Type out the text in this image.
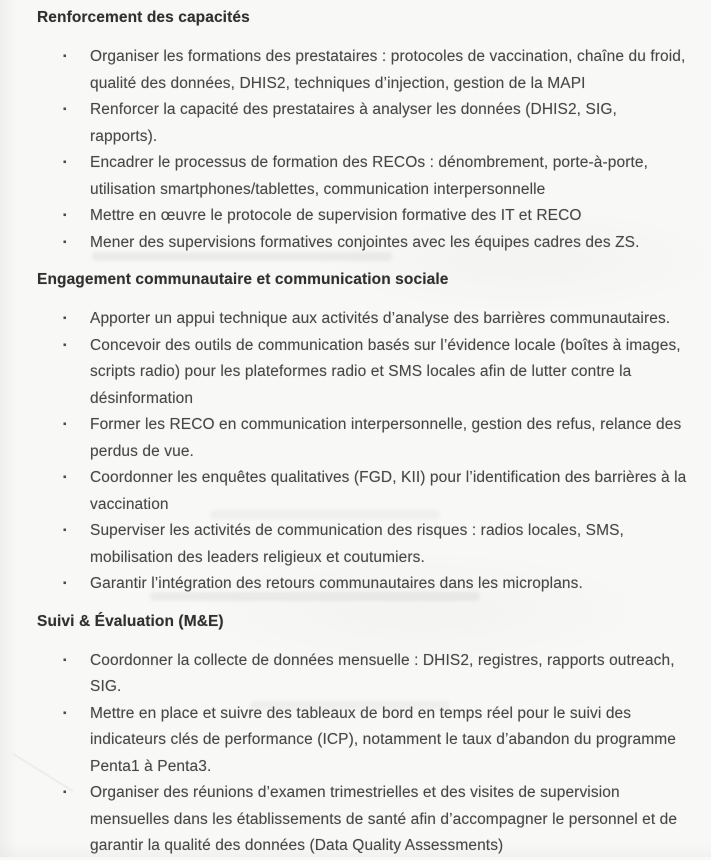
Renforcement des capacités
▪	Organiser les formations des prestataires : protocoles de vaccination, chaîne du froid,
qualité des données, DHIS2, techniques d’injection, gestion de la MAPI
▪	Renforcer la capacité des prestataires à analyser les données (DHIS2, SIG,
rapports).
▪	Encadrer le processus de formation des RECOs : dénombrement, porte-à-porte,
utilisation smartphones/tablettes, communication interpersonnelle
▪	Mettre en œuvre le protocole de supervision formative des IT et RECO
▪	Mener des supervisions formatives conjointes avec les équipes cadres des ZS.
Engagement communautaire et communication sociale
▪	Apporter un appui technique aux activités d’analyse des barrières communautaires.
▪	Concevoir des outils de communication basés sur l’évidence locale (boîtes à images,
scripts radio) pour les plateformes radio et SMS locales afin de lutter contre la
désinformation
▪	Former les RECO en communication interpersonnelle, gestion des refus, relance des
perdus de vue.
▪	Coordonner les enquêtes qualitatives (FGD, KII) pour l’identification des barrières à la
vaccination
▪	Superviser les activités de communication des risques : radios locales, SMS,
mobilisation des leaders religieux et coutumiers.
▪	Garantir l’intégration des retours communautaires dans les microplans.
Suivi & Évaluation (M&E)
▪	Coordonner la collecte de données mensuelle : DHIS2, registres, rapports outreach,
SIG.
▪	Mettre en place et suivre des tableaux de bord en temps réel pour le suivi des
indicateurs clés de performance (ICP), notamment le taux d’abandon du programme
Penta1 à Penta3.
▪	Organiser des réunions d’examen trimestrielles et des visites de supervision
mensuelles dans les établissements de santé afin d’accompagner le personnel et de
garantir la qualité des données (Data Quality Assessments)
